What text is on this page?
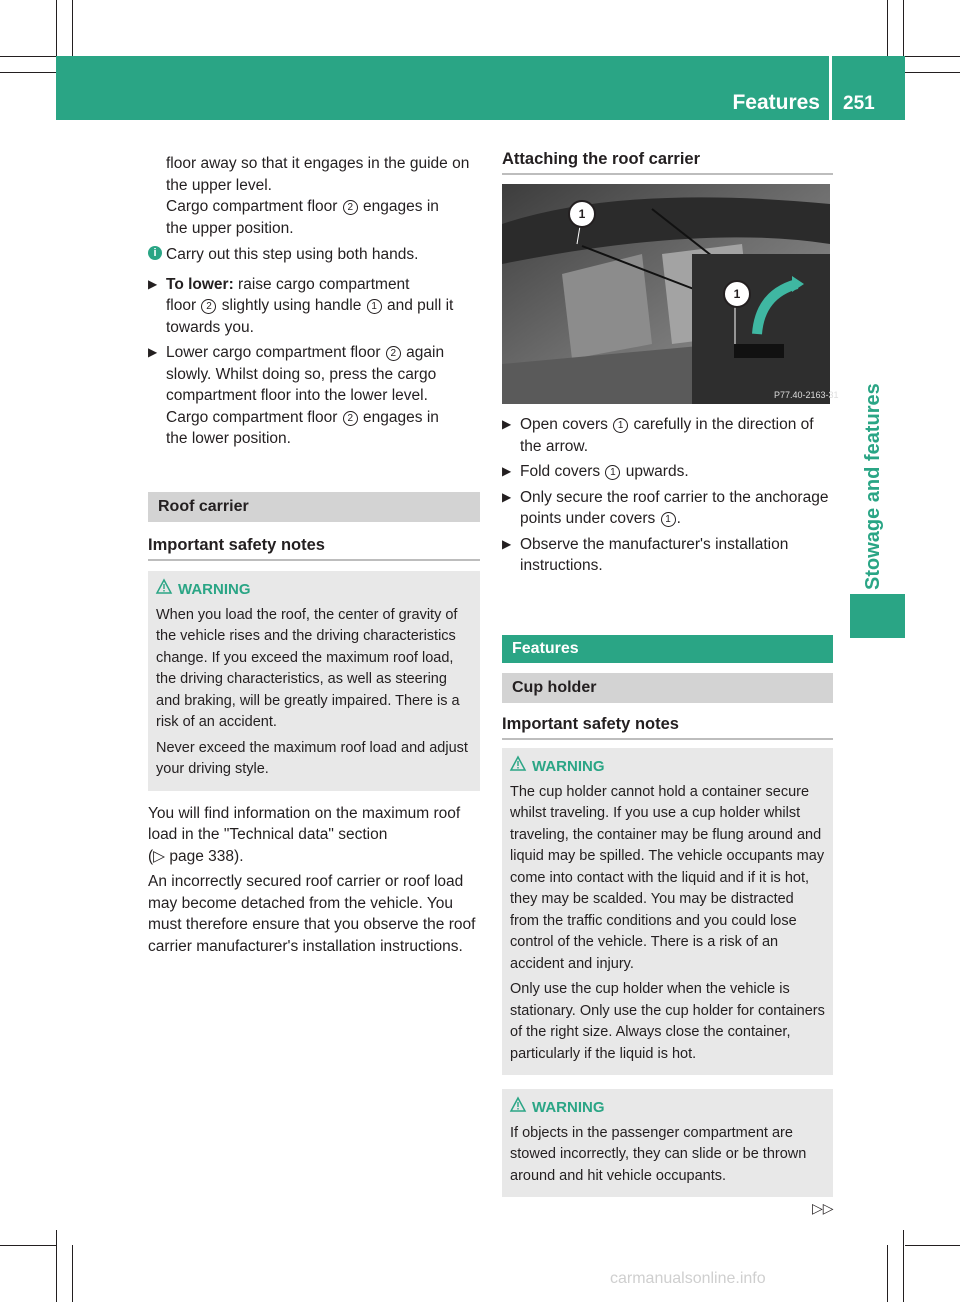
Features 251
Stowage and features

floor away so that it engages in the guide on

the upper level.

Cargo compartment floor 2 engages in

the upper position.

i Carry out this step using both hands.
▶ To lower: raise cargo compartment
floor 2 slightly using handle 1 and pull it
towards you.
▶ Lower cargo compartment floor 2 again
slowly. Whilst doing so, press the cargo
compartment floor into the lower level.
Cargo compartment floor 2 engages in
the lower position.
Roof carrier
Important safety notes
WARNING

When you load the roof, the center of gravity of the vehicle rises and the driving characteristics change. If you exceed the maximum roof load, the driving characteristics, as well as steering and braking, will be greatly impaired. There is a risk of an accident.

Never exceed the maximum roof load and adjust your driving style.

You will find information on the maximum roof load in the "Technical data" section

(▷ page 338).

An incorrectly secured roof carrier or roof load may become detached from the vehicle. You must therefore ensure that you observe the roof carrier manufacturer's installation instructions.

Attaching the roof carrier
P77.40-2163-31
1
1
▶ Open covers 1 carefully in the direction of the arrow.
▶ Fold covers 1 upwards.
▶ Only secure the roof carrier to the anchorage points under covers 1 .
▶ Observe the manufacturer's installation instructions.
Features
Cup holder
Important safety notes
WARNING

The cup holder cannot hold a container secure whilst traveling. If you use a cup holder whilst traveling, the container may be flung around and liquid may be spilled. The vehicle occupants may come into contact with the liquid and if it is hot, they may be scalded. You may be distracted from the traffic conditions and you could lose control of the vehicle. There is a risk of an accident and injury.

Only use the cup holder when the vehicle is stationary. Only use the cup holder for containers of the right size. Always close the container, particularly if the liquid is hot.

WARNING

If objects in the passenger compartment are stowed incorrectly, they can slide or be thrown around and hit vehicle occupants.

▷▷
carmanualsonline.info
